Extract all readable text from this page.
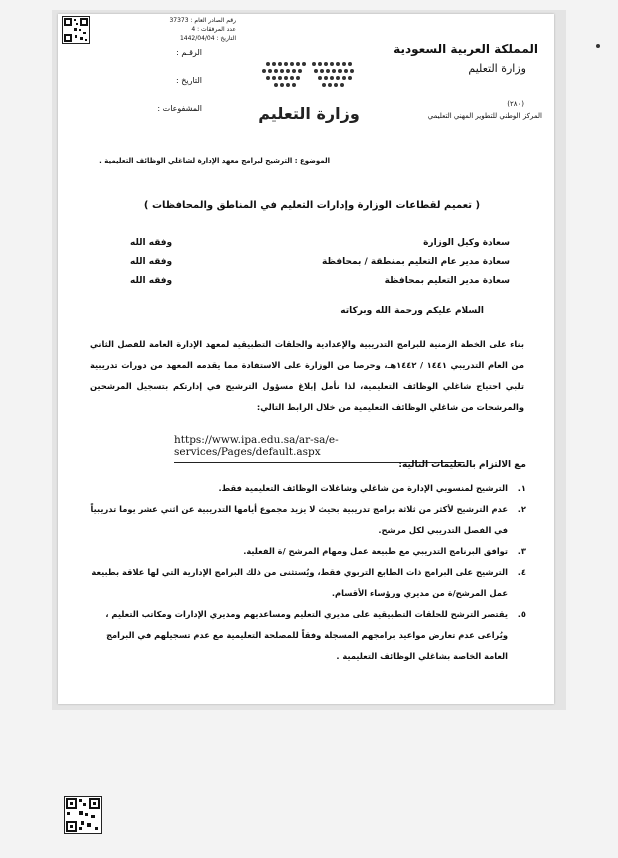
المملكة العربية السعودية
وزارة التعليم
(٢٨٠)
المركز الوطني للتطوير المهني التعليمي
وزارة التعليم
رقم الصادر العام : 37373
عدد المرفقات : 4
التاريخ : 1442/04/04
الرقـم :
التاريخ :
المشفوعات :
الموضوع : الترشيح لبرامج معهد الإدارة لشاغلي الوظائف التعليمية .
( تعميم لقطاعات الوزارة وإدارات التعليم في المناطق والمحافظات )
سعادة وكيل الوزارة
وفقه الله
سعادة مدير عام التعليم بمنطقة / بمحافظة
وفقه الله
سعادة مدير التعليم بمحافظة
وفقه الله
السلام عليكم ورحمة الله وبركاته
بناء على الخطة الزمنية للبرامج التدريبية والإعدادية والحلقات التطبيقية لمعهد الإدارة العامة للفصل الثاني من العام التدريبي ١٤٤١ / ١٤٤٢هـ، وحرصا من الوزارة على الاستفادة مما يقدمه المعهد من دورات تدريبية تلبي احتياج شاغلي الوظائف التعليمية، لذا نأمل إبلاغ مسؤول الترشيح في إدارتكم بتسجيل المرشحين والمرشحات من شاغلي الوظائف التعليمية من خلال الرابط التالي:
https://www.ipa.edu.sa/ar-sa/e-services/Pages/default.aspx
مع الالتزام بالتعليمات التالية:
١.
الترشيح لمنسوبي الإدارة من شاغلي وشاغلات الوظائف التعليمية فقط.
٢.
عدم الترشيح لأكثر من ثلاثة برامج تدريبية بحيث لا يزيد مجموع أيامها التدريبية عن اثني عشر يوما تدريبياً في الفصل التدريبي لكل مرشح.
٣.
توافق البرنامج التدريبي مع طبيعة عمل ومهام المرشح /ة الفعلية.
٤.
الترشيح على البرامج ذات الطابع التربوي فقط، ويُستثنى من ذلك البرامج الإدارية التي لها علاقة بطبيعة عمل المرشح/ة من مديري ورؤساء الأقسام.
٥.
يقتصر الترشح للحلقات التطبيقية على مديري التعليم ومساعديهم ومديري الإدارات ومكاتب التعليم ، ويُراعى عدم تعارض مواعيد برامجهم المسجلة وفقاً للمصلحة التعليمية مع عدم تسجيلهم في البرامج العامة الخاصة بشاغلي الوظائف التعليمية .
